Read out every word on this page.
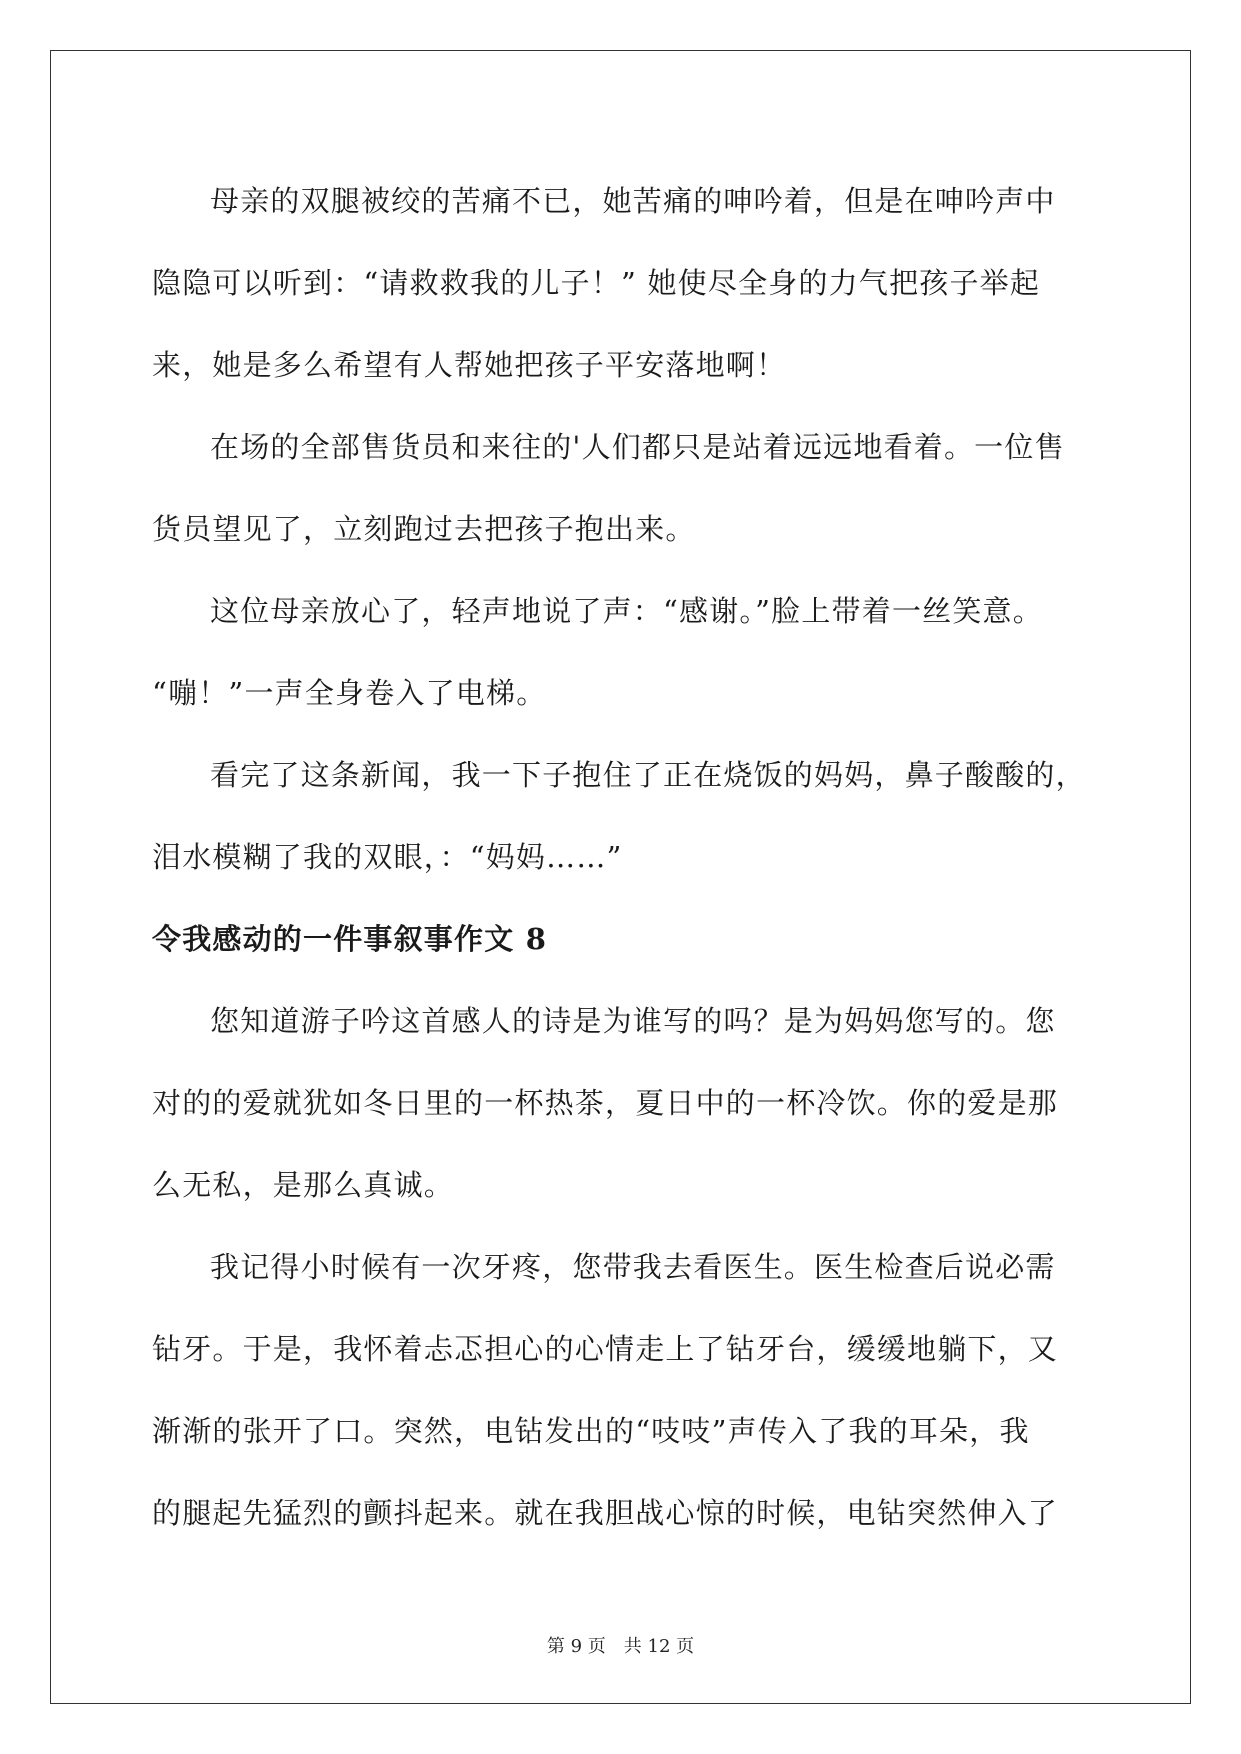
母亲的双腿被绞的苦痛不已，她苦痛的呻吟着，但是在呻吟声中
隐隐可以听到：“请救救我的儿子！” 她使尽全身的力气把孩子举起
来，她是多么希望有人帮她把孩子平安落地啊！

在场的全部售货员和来往的'人们都只是站着远远地看着。一位售
货员望见了，立刻跑过去把孩子抱出来。

这位母亲放心了，轻声地说了声：“感谢。”脸上带着一丝笑意。
“嘣！”一声全身卷入了电梯。

看完了这条新闻，我一下子抱住了正在烧饭的妈妈，鼻子酸酸的，
泪水模糊了我的双眼，：“妈妈……”

令我感动的一件事叙事作文 8

您知道游子吟这首感人的诗是为谁写的吗？是为妈妈您写的。您
对的的爱就犹如冬日里的一杯热茶，夏日中的一杯冷饮。你的爱是那
么无私，是那么真诚。

我记得小时候有一次牙疼，您带我去看医生。医生检查后说必需
钻牙。于是，我怀着忐忑担心的心情走上了钻牙台，缓缓地躺下，又
渐渐的张开了口。突然，电钻发出的“吱吱”声传入了我的耳朵，我
的腿起先猛烈的颤抖起来。就在我胆战心惊的时候，电钻突然伸入了

第 9 页　共 12 页
